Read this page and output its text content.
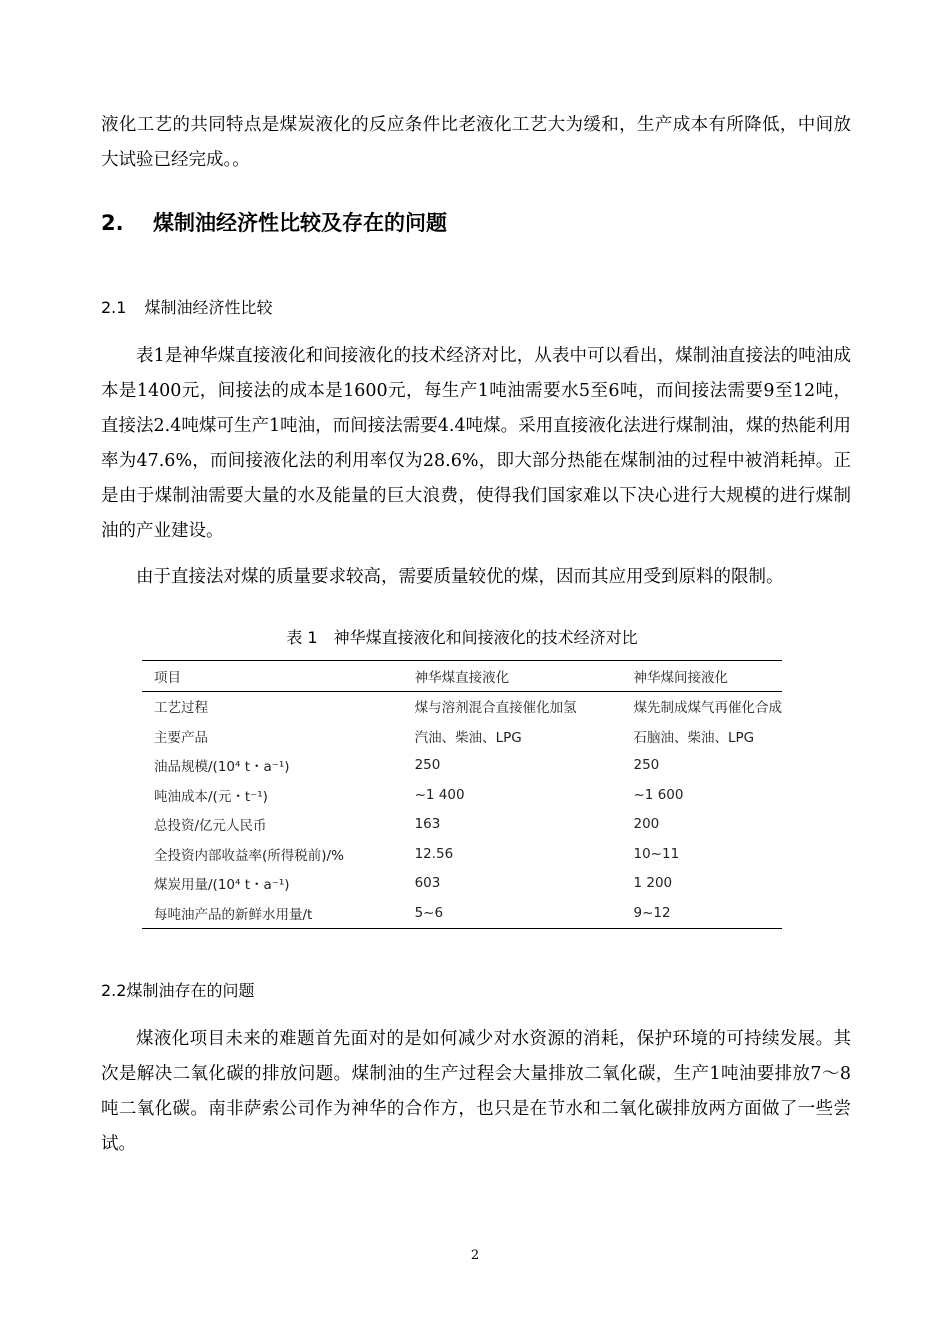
液化工艺的共同特点是煤炭液化的反应条件比老液化工艺大为缓和，生产成本有所降低，中间放大试验已经完成。。

2. 煤制油经济性比较及存在的问题
2.1 煤制油经济性比较

表1是神华煤直接液化和间接液化的技术经济对比，从表中可以看出，煤制油直接法的吨油成本是1400元，间接法的成本是1600元，每生产1吨油需要水5至6吨，而间接法需要9至12吨，直接法2.4吨煤可生产1吨油，而间接法需要4.4吨煤。采用直接液化法进行煤制油，煤的热能利用率为47.6%，而间接液化法的利用率仅为28.6%，即大部分热能在煤制油的过程中被消耗掉。正是由于煤制油需要大量的水及能量的巨大浪费，使得我们国家难以下决心进行大规模的进行煤制油的产业建设。

由于直接法对煤的质量要求较高，需要质量较优的煤，因而其应用受到原料的限制。

表 1 神华煤直接液化和间接液化的技术经济对比
项目	神华煤直接液化	神华煤间接液化
工艺过程	煤与溶剂混合直接催化加氢	煤先制成煤气再催化合成
主要产品	汽油、柴油、LPG	石脑油、柴油、LPG
油品规模/(10⁴ t・a⁻¹)	250	250
吨油成本/(元・t⁻¹)	~1 400	~1 600
总投资/亿元人民币	163	200
全投资内部收益率(所得税前)/%	12.56	10~11
煤炭用量/(10⁴ t・a⁻¹)	603	1 200
每吨油产品的新鲜水用量/t	5~6	9~12
2.2煤制油存在的问题

煤液化项目未来的难题首先面对的是如何减少对水资源的消耗，保护环境的可持续发展。其次是解决二氧化碳的排放问题。煤制油的生产过程会大量排放二氧化碳，生产1吨油要排放7～8吨二氧化碳。南非萨索公司作为神华的合作方，也只是在节水和二氧化碳排放两方面做了一些尝试。

2
